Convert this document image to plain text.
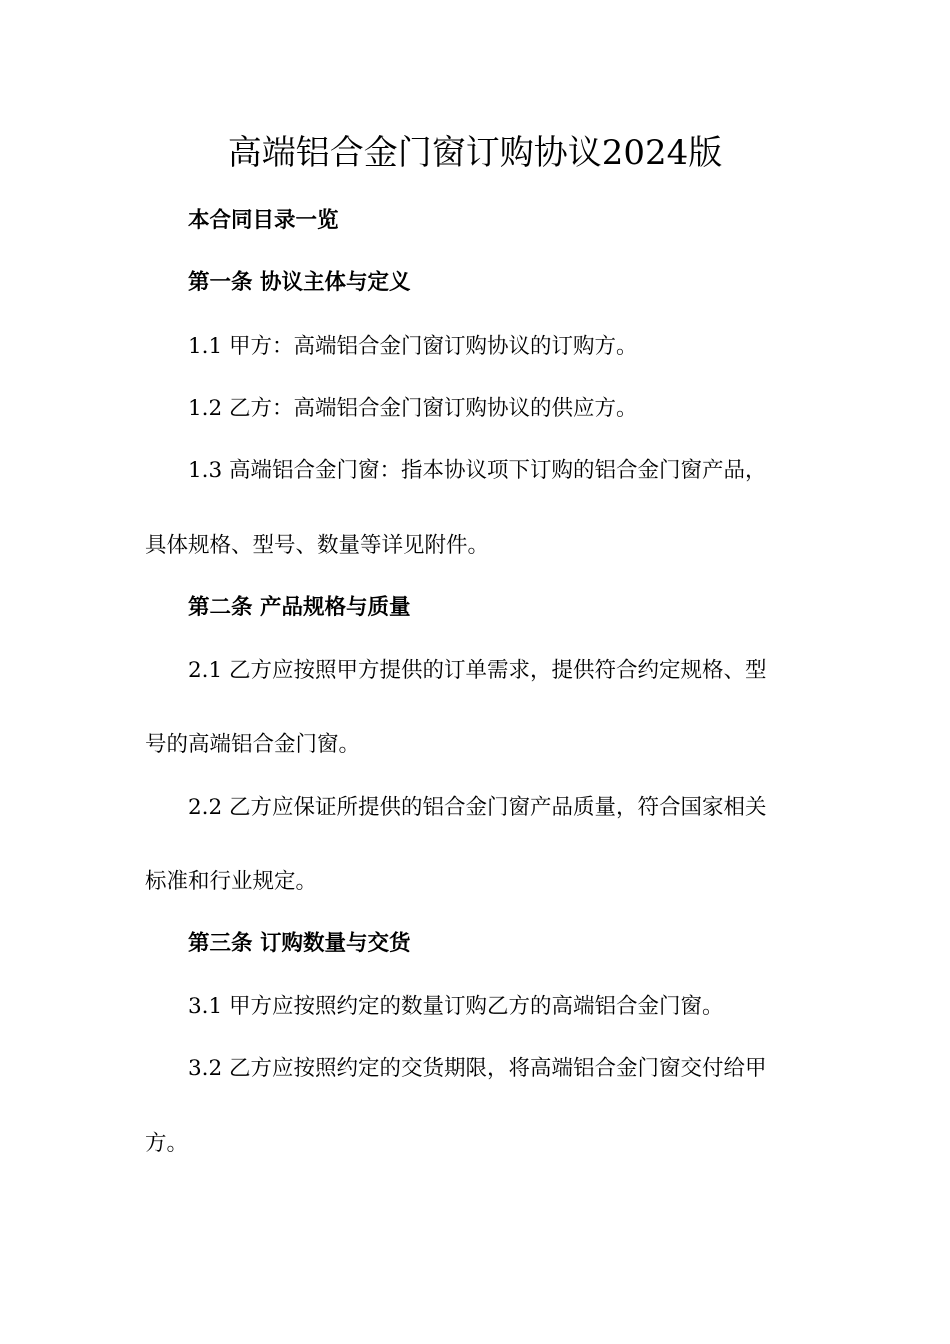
高端铝合金门窗订购协议2024版
本合同目录一览
第一条 协议主体与定义
1.1 甲方：高端铝合金门窗订购协议的订购方。
1.2 乙方：高端铝合金门窗订购协议的供应方。
1.3 高端铝合金门窗：指本协议项下订购的铝合金门窗产品，
具体规格、型号、数量等详见附件。
第二条 产品规格与质量
2.1 乙方应按照甲方提供的订单需求，提供符合约定规格、型
号的高端铝合金门窗。
2.2 乙方应保证所提供的铝合金门窗产品质量，符合国家相关
标准和行业规定。
第三条 订购数量与交货
3.1 甲方应按照约定的数量订购乙方的高端铝合金门窗。
3.2 乙方应按照约定的交货期限，将高端铝合金门窗交付给甲
方。
